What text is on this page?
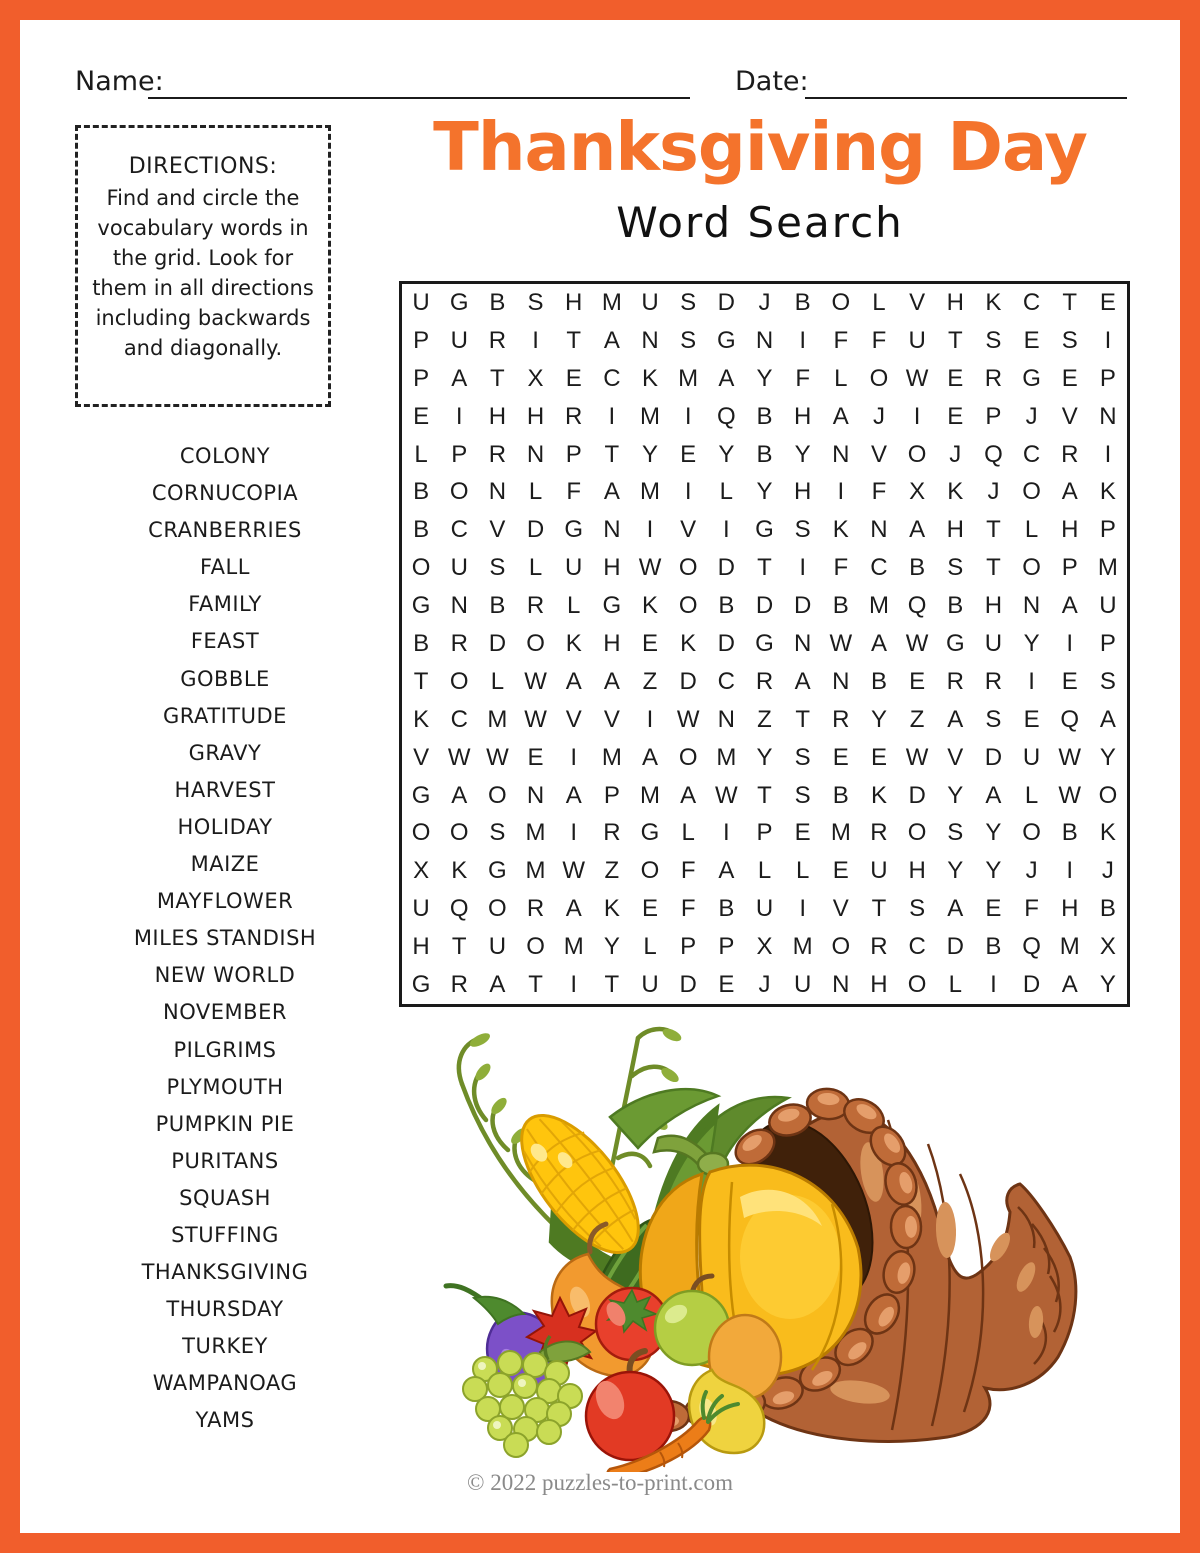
Name:	Date:
DIRECTIONS:
Find and circle the vocabulary words in the grid. Look for them in all directions including backwards and diagonally.
Thanksgiving Day
Word Search
U G B S H M U S D J	B O L V H K C T E
P U R	I	T A N S G N	I	F F U T S E S	I
P A T X E C K M A Y F	L O W E R G E P
E	I	H H R	I	M	I	Q B H A	J	I	E P	J	V N
L P R N P T Y E Y B Y N V O J Q C R	I
B O N L	F A M	I	L Y H	I	F X K	J O A K
B C V D G N	I	V	I	G S K N A H T	L H P
O U S L U H W O D T	I	F C B S T O P M
G N B R L G K O B D D B M Q B H N A U
B R D O K H E K D G N W A W G U Y	I	P
T O L W A A Z D C R A N B E R R	I	E S
K C M W V V	I W N Z T R Y Z A S E Q A
V W W E	I	M A O M Y S E E W V D U W Y
G A O N A P M A W T S B K D Y A L W O
O O S M	I	R G L	I	P E M R O S Y O B K
X K G M W Z O F A L	L E U H Y Y	J	I	J
U Q O R A K E F B U	I	V T S A E F H B
H T U O M Y L P P X M O R C D B Q M X
G R A T	I	T U D E	J U N H O L	I	D A Y
COLONY
CORNUCOPIA
CRANBERRIES
FALL
FAMILY
FEAST
GOBBLE
GRATITUDE
GRAVY
HARVEST
HOLIDAY
MAIZE
MAYFLOWER
MILES STANDISH
NEW WORLD
NOVEMBER
PILGRIMS
PLYMOUTH
PUMPKIN PIE
PURITANS
SQUASH
STUFFING
THANKSGIVING
THURSDAY
TURKEY
WAMPANOAG
YAMS
© 2022 puzzles-to-print.com
